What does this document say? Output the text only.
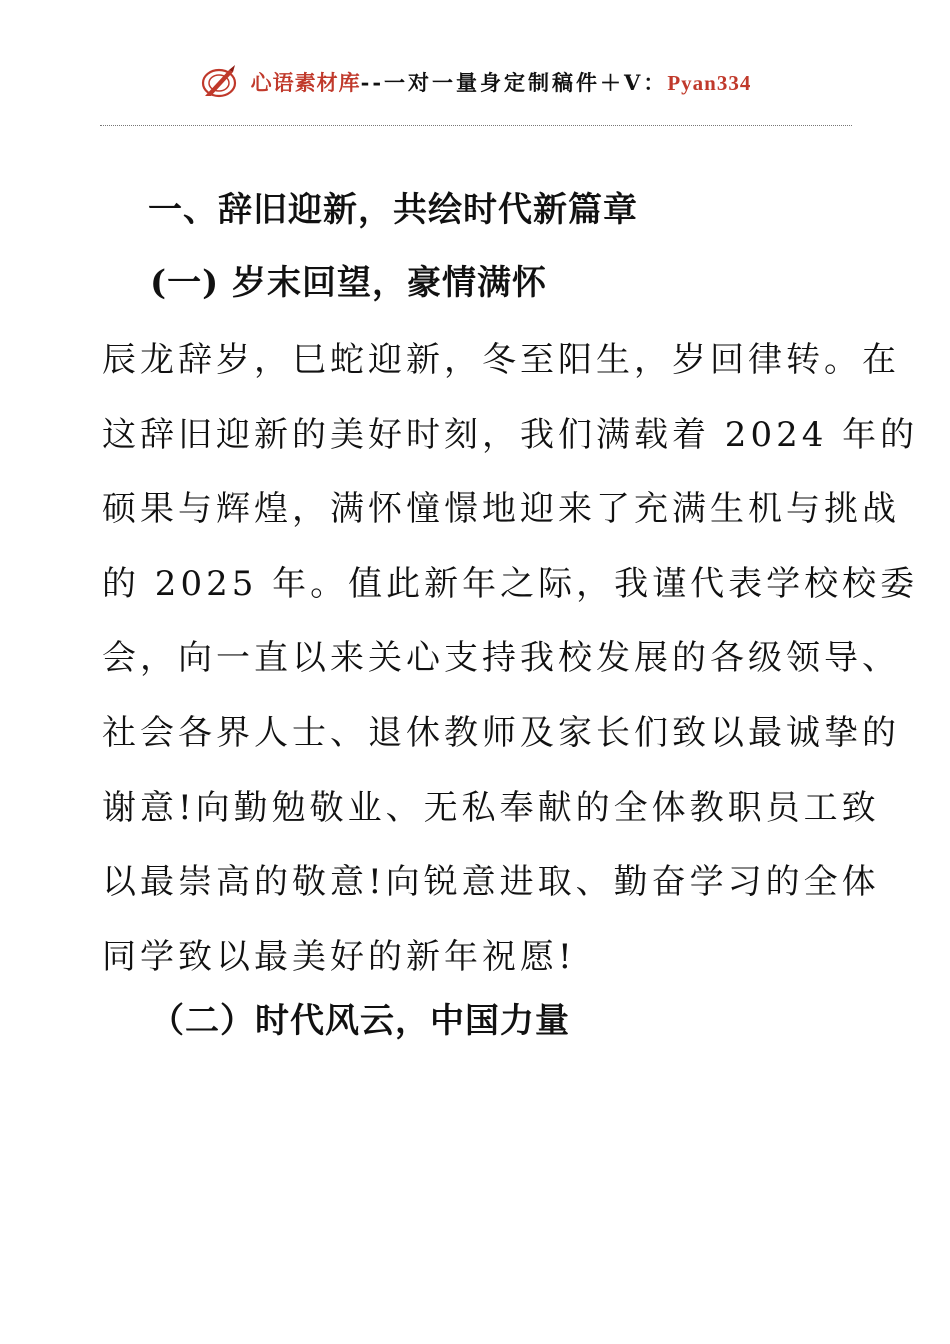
心语素材库--一对一量身定制稿件＋V：Pyan334
一、辞旧迎新，共绘时代新篇章
(一) 岁末回望，豪情满怀
辰龙辞岁，巳蛇迎新，冬至阳生，岁回律转。在
这辞旧迎新的美好时刻，我们满载着 2024 年的
硕果与辉煌，满怀憧憬地迎来了充满生机与挑战
的 2025 年。值此新年之际，我谨代表学校校委
会，向一直以来关心支持我校发展的各级领导、
社会各界人士、退休教师及家长们致以最诚挚的
谢意!向勤勉敬业、无私奉献的全体教职员工致
以最崇高的敬意!向锐意进取、勤奋学习的全体
同学致以最美好的新年祝愿!
（二）时代风云，中国力量
